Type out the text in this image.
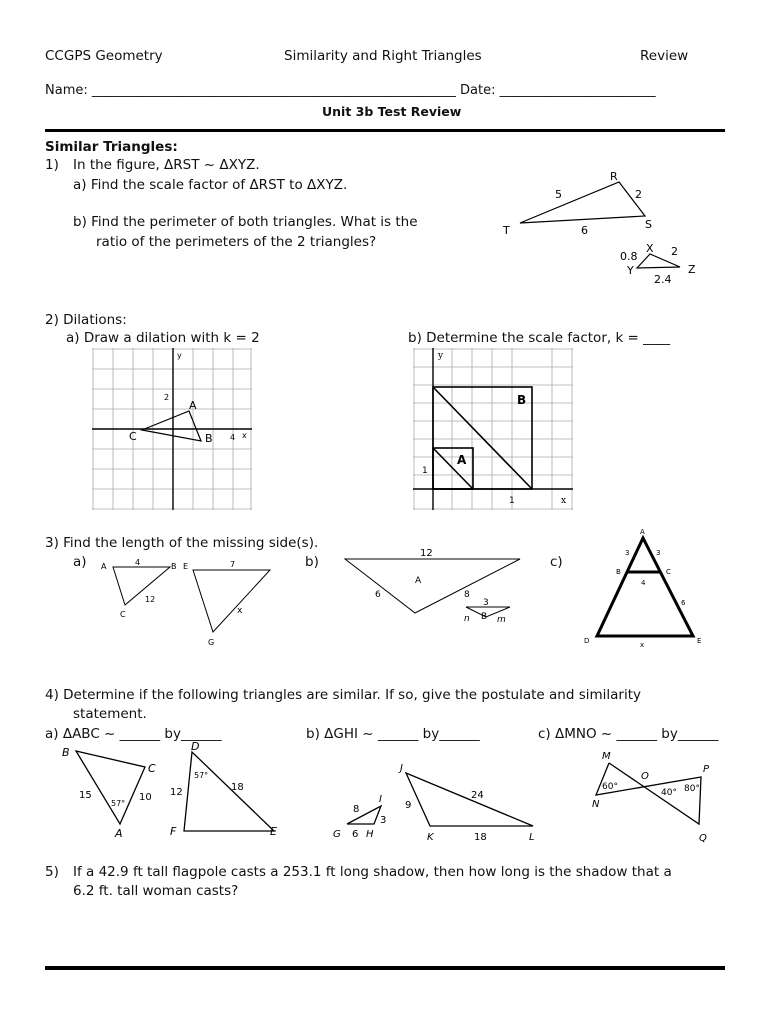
CCGPS Geometry	Similarity and Right Triangles	Review
Name: ________________________________________________________ Date: ________________________
Unit 3b Test Review
Similar Triangles:
1) In the figure, ΔRST ~ ΔXYZ.
a) Find the scale factor of ΔRST to ΔXYZ.
b) Find the perimeter of both triangles. What is the
ratio of the perimeters of the 2 triangles?
R
S
T
2
5
6
X
Y	Z
0.8	2
2.4
2) Dilations:
a) Draw a dilation with k = 2	b) Determine the scale factor, k = ____
y
x
2
4
A
B
C
y
x
1
1
B
A
3) Find the length of the missing side(s).
a)	b)	c)
A	B
C
4
12
E	7
x
G
12
A
6	8
3
n B m
A
3	3
B	C
4
6
D	E
x
4) Determine if the following triangles are similar. If so, give the postulate and similarity
statement.
a) ΔABC ~ ______ by______	b) ΔGHI ~ ______ by______	c) ΔMNO ~ ______ by______
B
C
A
15	10
57°
D
57°
12	18
F	E
J
9
24
K	18	L
I
8
3
G 6 H
M
60°
O
P
40° 80°
N
Q
5) If a 42.9 ft tall flagpole casts a 253.1 ft long shadow, then how long is the shadow that a
6.2 ft. tall woman casts?
